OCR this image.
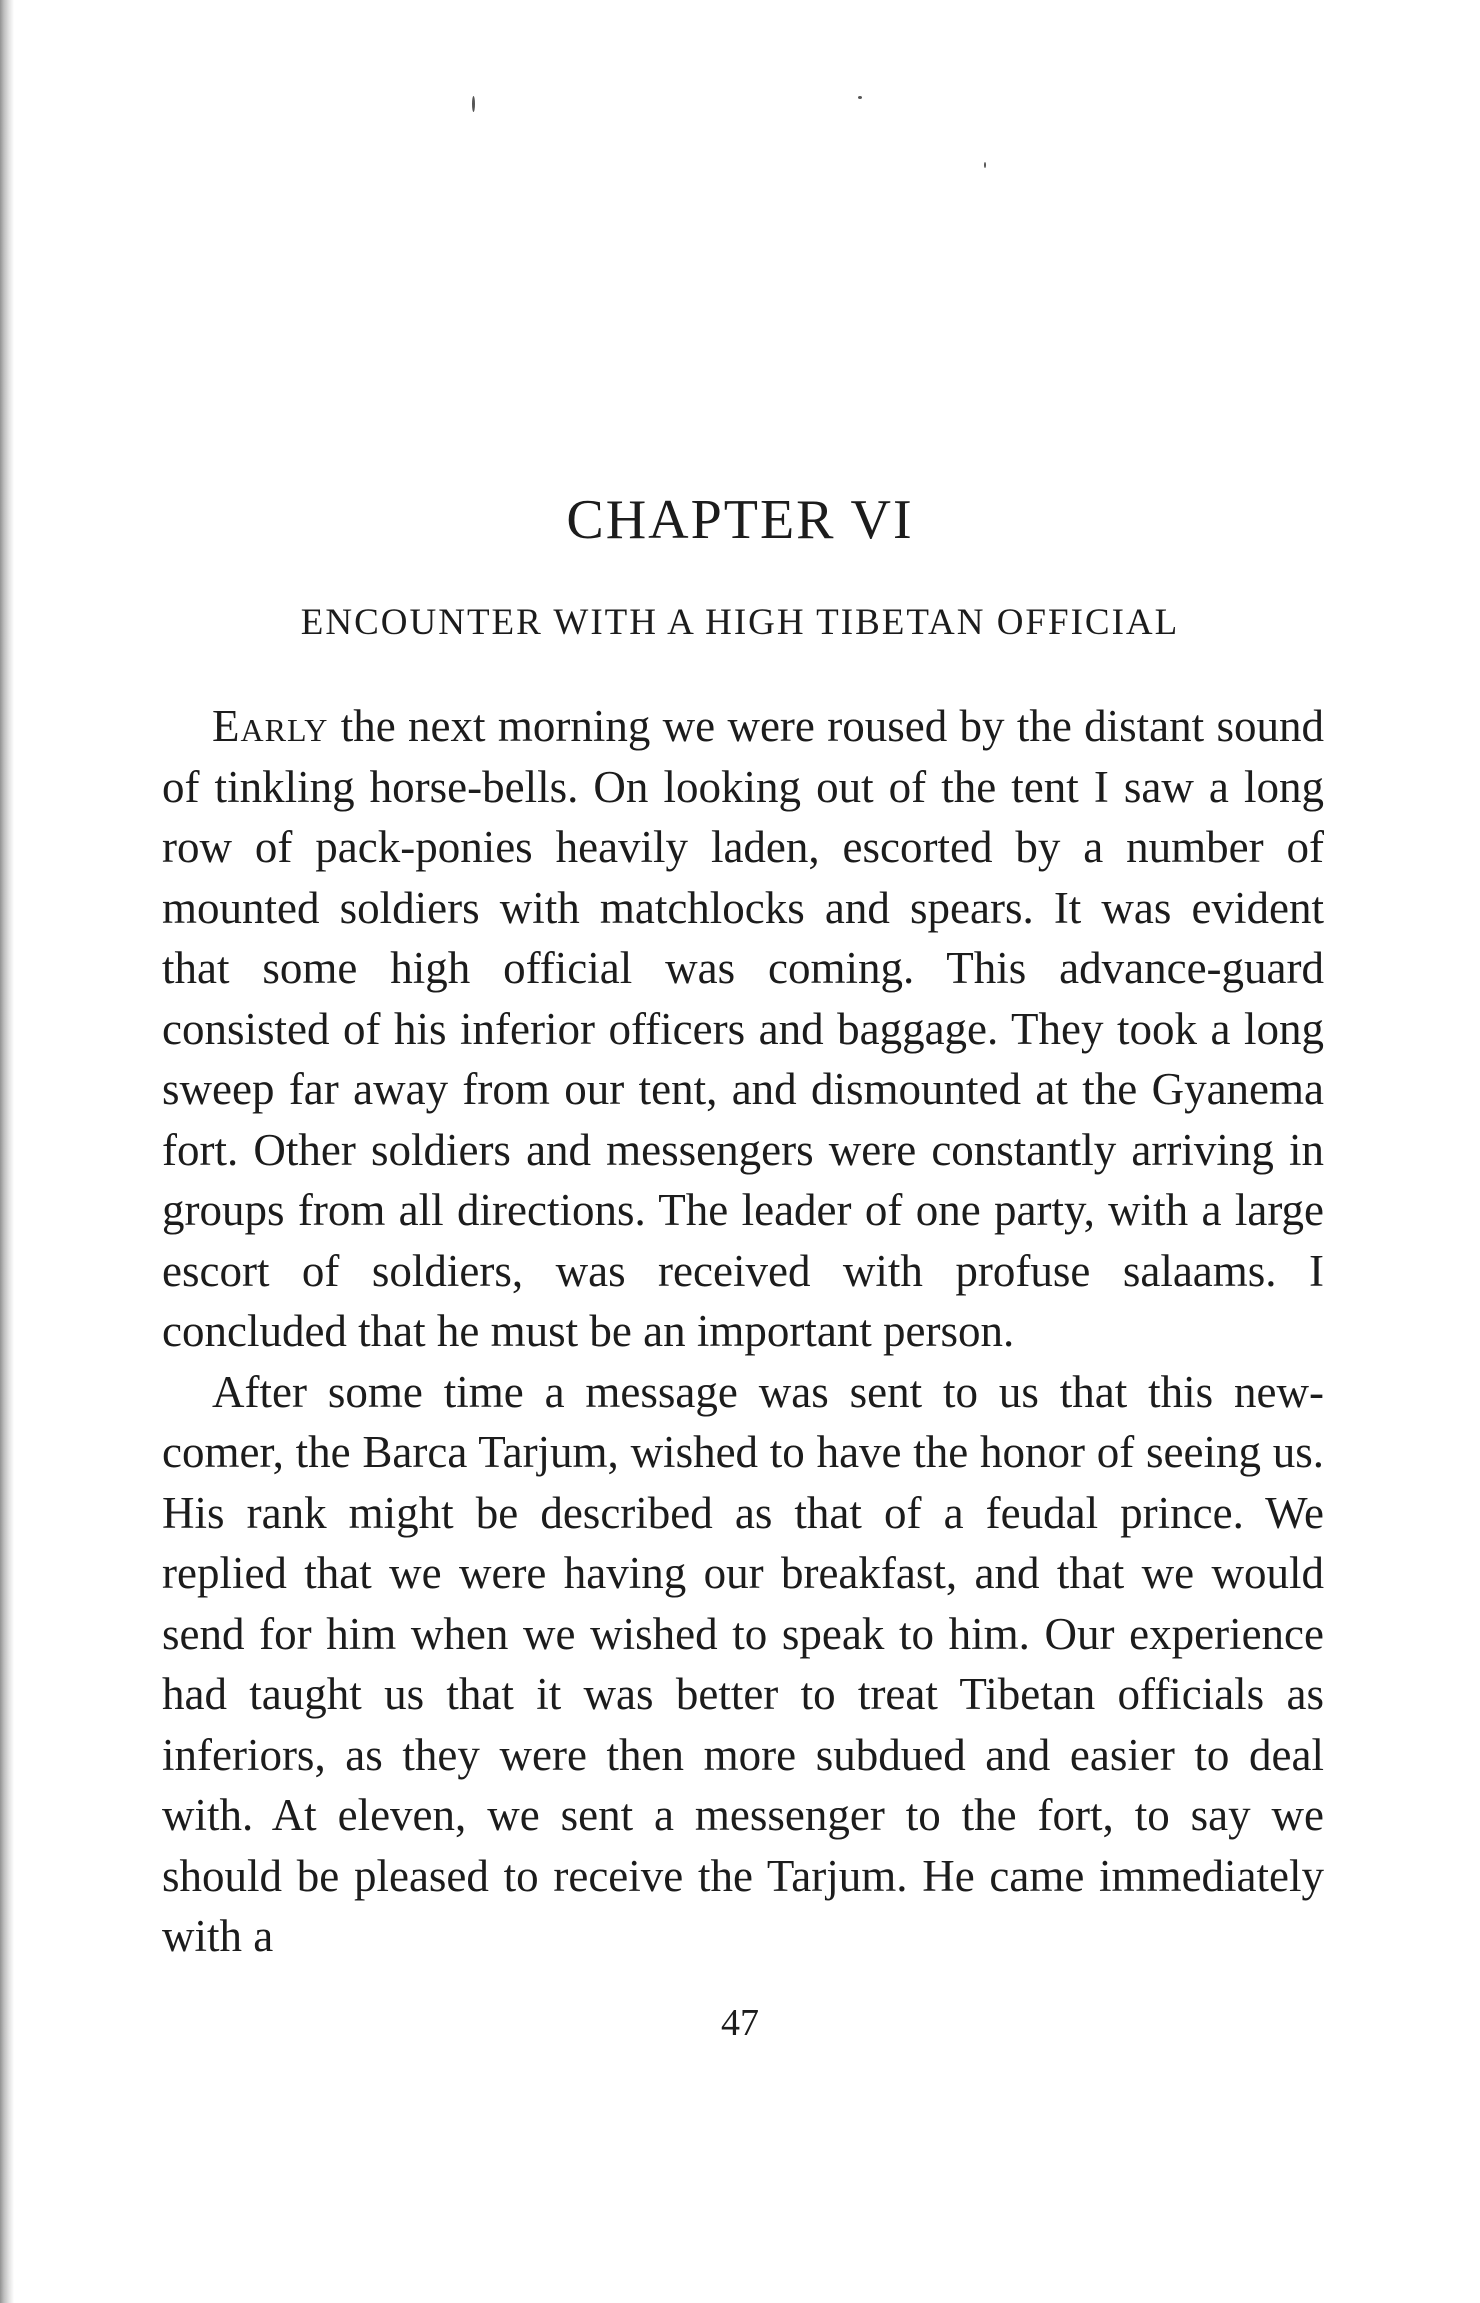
CHAPTER VI
ENCOUNTER WITH A HIGH TIBETAN OFFICIAL

Early the next morning we were roused by the distant sound of tinkling horse-bells. On looking out of the tent I saw a long row of pack-ponies heavily laden, escorted by a number of mounted soldiers with matchlocks and spears. It was evident that some high official was coming. This advance-guard consisted of his inferior officers and baggage. They took a long sweep far away from our tent, and dismounted at the Gyanema fort. Other soldiers and messengers were constantly arriving in groups from all directions. The leader of one party, with a large escort of soldiers, was received with profuse salaams. I concluded that he must be an important person.

After some time a message was sent to us that this new-comer, the Barca Tarjum, wished to have the honor of seeing us. His rank might be described as that of a feudal prince. We replied that we were having our breakfast, and that we would send for him when we wished to speak to him. Our experience had taught us that it was better to treat Tibetan officials as inferiors, as they were then more subdued and easier to deal with. At eleven, we sent a messenger to the fort, to say we should be pleased to receive the Tarjum. He came immediately with a

47
